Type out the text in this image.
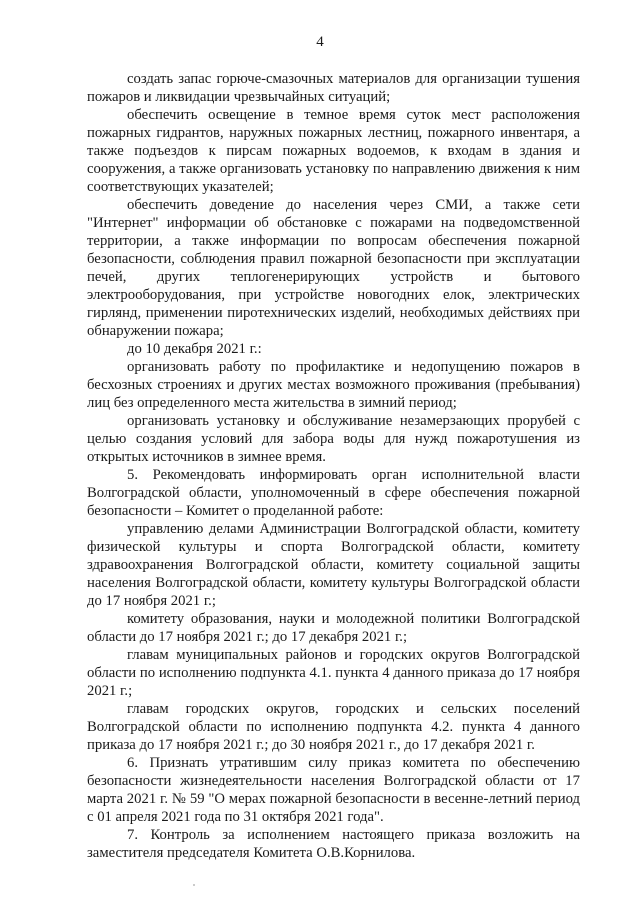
4

создать запас горюче-смазочных материалов для организации тушения пожаров и ликвидации чрезвычайных ситуаций;

обеспечить освещение в темное время суток мест расположения пожарных гидрантов, наружных пожарных лестниц, пожарного инвентаря, а также подъездов к пирсам пожарных водоемов, к входам в здания и сооружения, а также организовать установку по направлению движения к ним соответствующих указателей;

обеспечить доведение до населения через СМИ, а также сети "Интернет" информации об обстановке с пожарами на подведомственной территории, а также информации по вопросам обеспечения пожарной безопасности, соблюдения правил пожарной безопасности при эксплуатации печей, других теплогенерирующих устройств и бытового электрооборудования, при устройстве новогодних елок, электрических гирлянд, применении пиротехнических изделий, необходимых действиях при обнаружении пожара;

до 10 декабря 2021 г.:

организовать работу по профилактике и недопущению пожаров в бесхозных строениях и других местах возможного проживания (пребывания) лиц без определенного места жительства в зимний период;

организовать установку и обслуживание незамерзающих прорубей с целью создания условий для забора воды для нужд пожаротушения из открытых источников в зимнее время.

5. Рекомендовать информировать орган исполнительной власти Волгоградской области, уполномоченный в сфере обеспечения пожарной безопасности – Комитет о проделанной работе:

управлению делами Администрации Волгоградской области, комитету физической культуры и спорта Волгоградской области, комитету здравоохранения Волгоградской области, комитету социальной защиты населения Волгоградской области, комитету культуры Волгоградской области до 17 ноября 2021 г.;

комитету образования, науки и молодежной политики Волгоградской области до 17 ноября 2021 г.; до 17 декабря 2021 г.;

главам муниципальных районов и городских округов Волгоградской области по исполнению подпункта 4.1. пункта 4 данного приказа до 17 ноября 2021 г.;

главам городских округов, городских и сельских поселений Волгоградской области по исполнению подпункта 4.2. пункта 4 данного приказа до 17 ноября 2021 г.; до 30 ноября 2021 г., до 17 декабря 2021 г.

6. Признать утратившим силу приказ комитета по обеспечению безопасности жизнедеятельности населения Волгоградской области от 17 марта 2021 г. № 59 "О мерах пожарной безопасности в весенне-летний период с 01 апреля 2021 года по 31 октября 2021 года".

7. Контроль за исполнением настоящего приказа возложить на заместителя председателя Комитета О.В.Корнилова.
